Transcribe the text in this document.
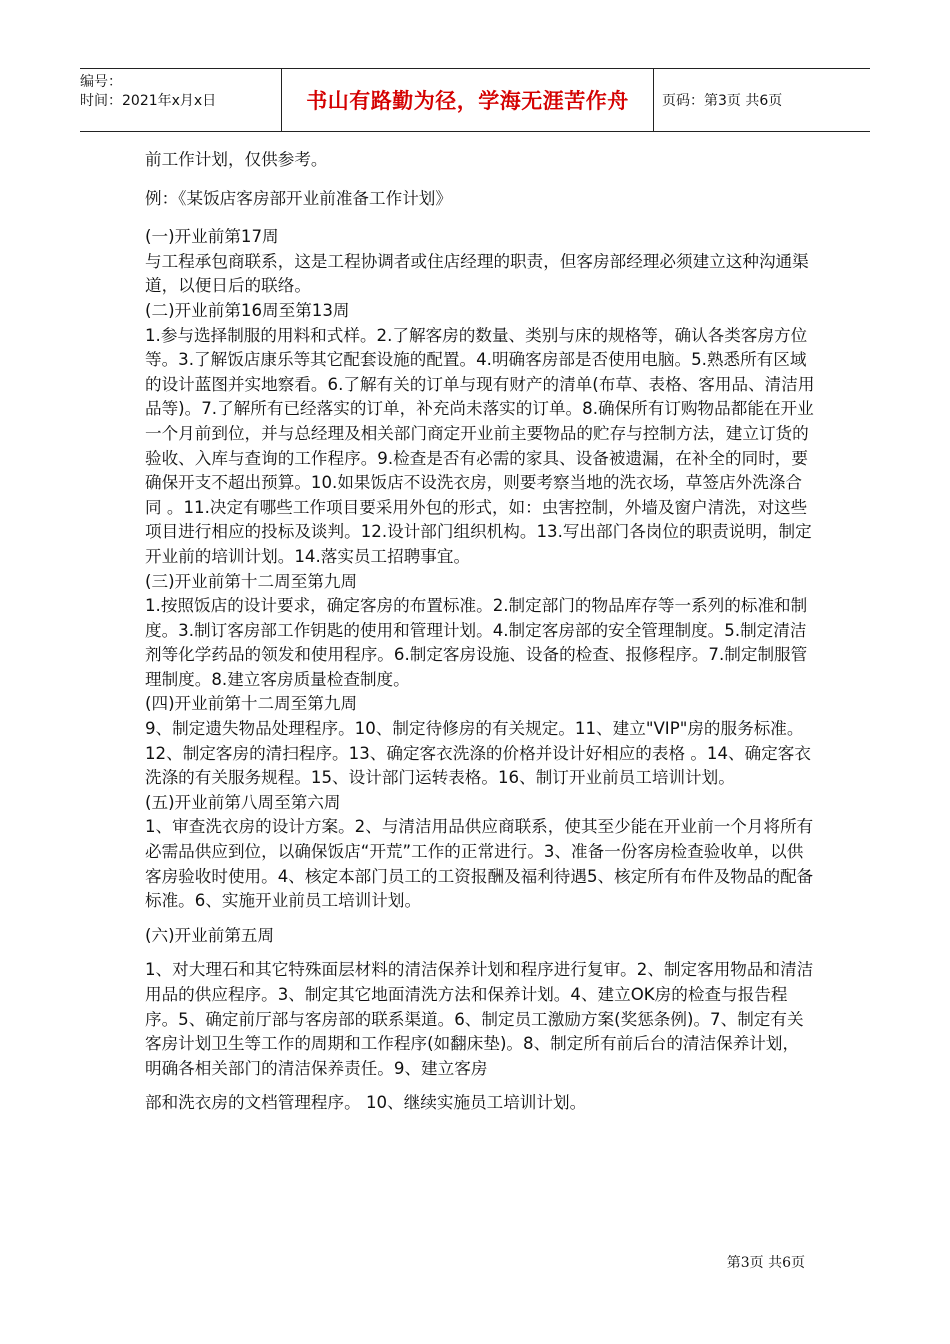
编号：
时间：2021年x月x日	书山有路勤为径，学海无涯苦作舟	页码：第3页 共6页

前工作计划，仅供参考。

例：《某饭店客房部开业前准备工作计划》

(一)开业前第17周

与工程承包商联系，这是工程协调者或住店经理的职责，但客房部经理必须建立这种沟通渠道，以便日后的联络。

(二)开业前第16周至第13周

1.参与选择制服的用料和式样。2.了解客房的数量、类别与床的规格等，确认各类客房方位等。3.了解饭店康乐等其它配套设施的配置。4.明确客房部是否使用电脑。5.熟悉所有区域的设计蓝图并实地察看。6.了解有关的订单与现有财产的清单(布草、表格、客用品、清洁用品等)。7.了解所有已经落实的订单，补充尚未落实的订单。8.确保所有订购物品都能在开业一个月前到位，并与总经理及相关部门商定开业前主要物品的贮存与控制方法，建立订货的验收、入库与查询的工作程序。9.检查是否有必需的家具、设备被遗漏，在补全的同时，要确保开支不超出预算。10.如果饭店不设洗衣房，则要考察当地的洗衣场，草签店外洗涤合同 。11.决定有哪些工作项目要采用外包的形式，如：虫害控制，外墙及窗户清洗，对这些项目进行相应的投标及谈判。12.设计部门组织机构。13.写出部门各岗位的职责说明，制定开业前的培训计划。14.落实员工招聘事宜。

(三)开业前第十二周至第九周

1.按照饭店的设计要求，确定客房的布置标准。2.制定部门的物品库存等一系列的标准和制度。3.制订客房部工作钥匙的使用和管理计划。4.制定客房部的安全管理制度。5.制定清洁剂等化学药品的领发和使用程序。6.制定客房设施、设备的检查、报修程序。7.制定制服管理制度。8.建立客房质量检查制度。

(四)开业前第十二周至第九周

9、制定遗失物品处理程序。10、制定待修房的有关规定。11、建立"VIP"房的服务标准。12、制定客房的清扫程序。13、确定客衣洗涤的价格并设计好相应的表格 。14、确定客衣洗涤的有关服务规程。15、设计部门运转表格。16、制订开业前员工培训计划。

(五)开业前第八周至第六周

1、审查洗衣房的设计方案。2、与清洁用品供应商联系，使其至少能在开业前一个月将所有必需品供应到位，以确保饭店“开荒”工作的正常进行。3、准备一份客房检查验收单，以供客房验收时使用。4、核定本部门员工的工资报酬及福利待遇5、核定所有布件及物品的配备标准。6、实施开业前员工培训计划。

(六)开业前第五周

1、对大理石和其它特殊面层材料的清洁保养计划和程序进行复审。2、制定客用物品和清洁用品的供应程序。3、制定其它地面清洗方法和保养计划。4、建立OK房的检查与报告程序。5、确定前厅部与客房部的联系渠道。6、制定员工激励方案(奖惩条例)。7、制定有关客房计划卫生等工作的周期和工作程序(如翻床垫)。8、制定所有前后台的清洁保养计划，明确各相关部门的清洁保养责任。9、建立客房

部和洗衣房的文档管理程序。 10、继续实施员工培训计划。

第3页 共6页
